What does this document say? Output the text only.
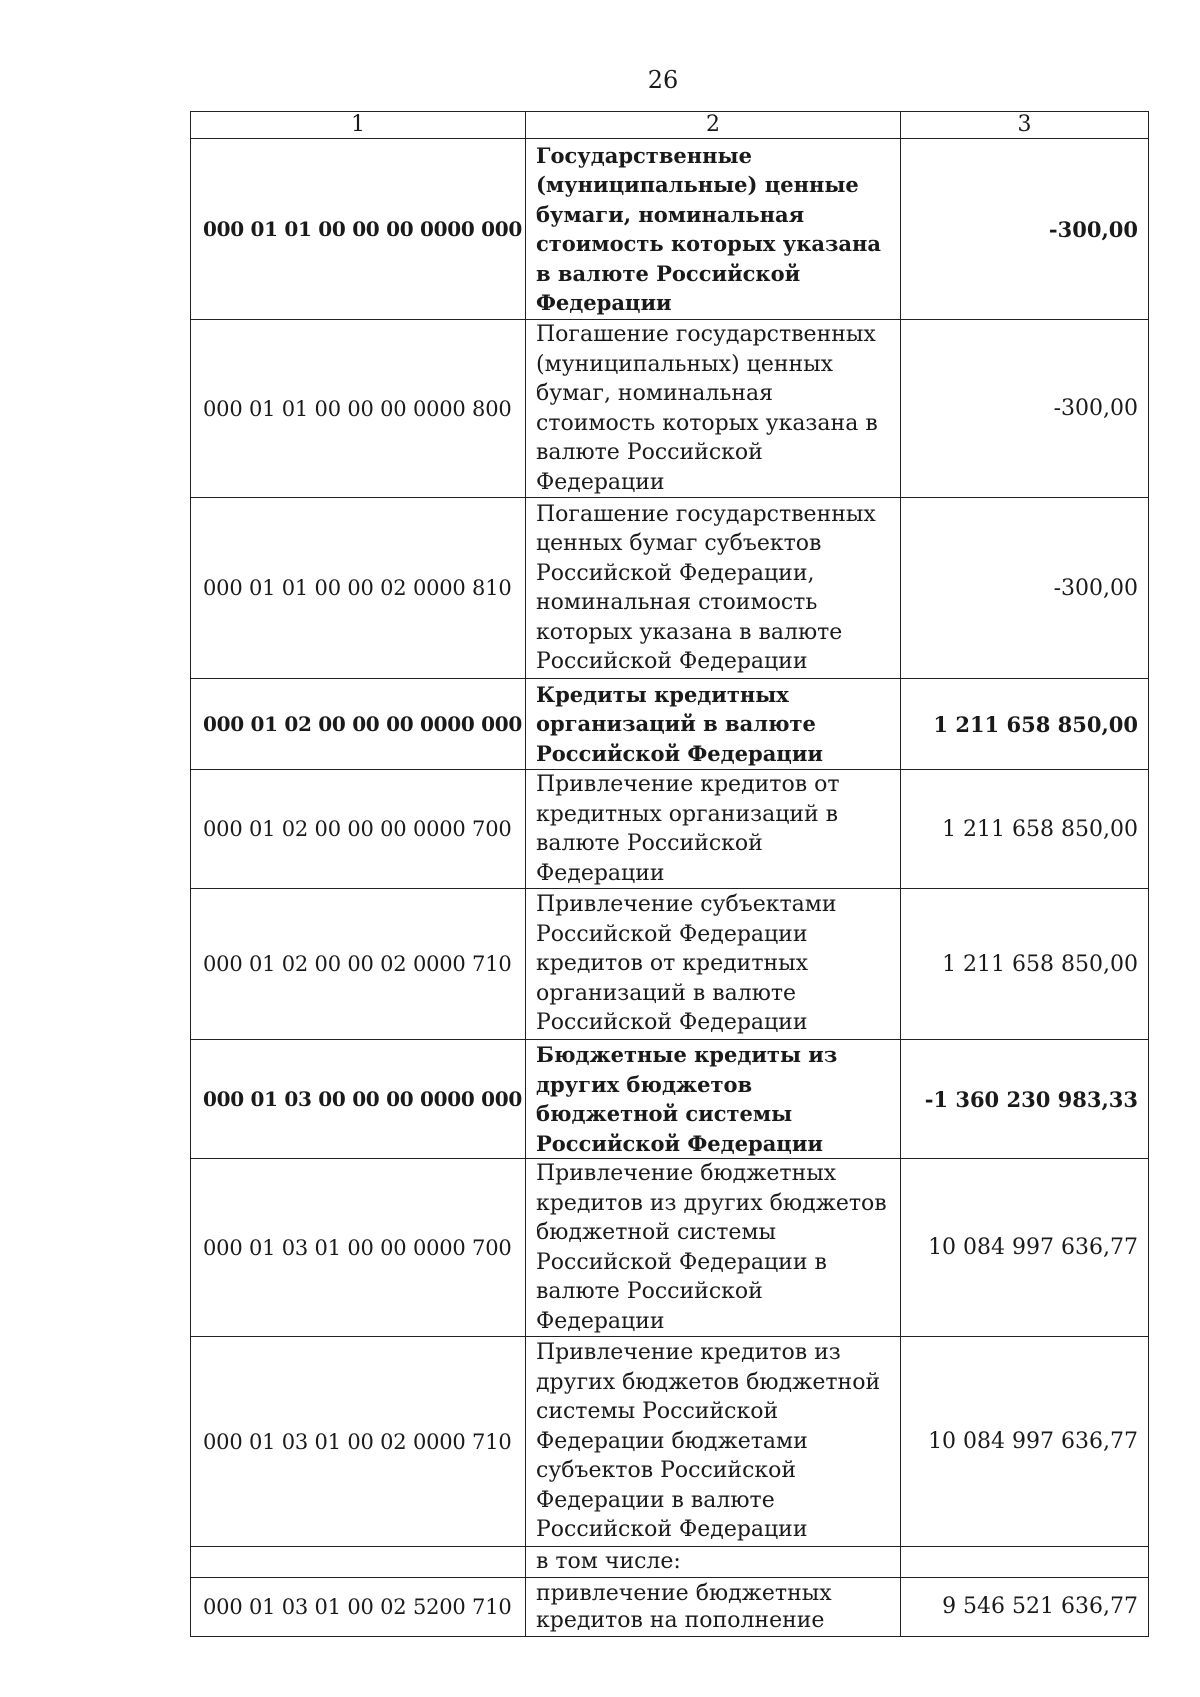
26
1	2	3
000 01 01 00 00 00 0000 000	Государственные (муниципальные) ценные бумаги, номинальная стоимость которых указана в валюте Российской Федерации	-300,00
000 01 01 00 00 00 0000 800	Погашение государственных (муниципальных) ценных бумаг, номинальная стоимость которых указана в валюте Российской Федерации	-300,00
000 01 01 00 00 02 0000 810	Погашение государственных ценных бумаг субъектов Российской Федерации, номинальная стоимость которых указана в валюте Российской Федерации	-300,00
000 01 02 00 00 00 0000 000	Кредиты кредитных организаций в валюте Российской Федерации	1 211 658 850,00
000 01 02 00 00 00 0000 700	Привлечение кредитов от кредитных организаций в валюте Российской Федерации	1 211 658 850,00
000 01 02 00 00 02 0000 710	Привлечение субъектами Российской Федерации кредитов от кредитных организаций в валюте Российской Федерации	1 211 658 850,00
000 01 03 00 00 00 0000 000	Бюджетные кредиты из других бюджетов бюджетной системы Российской Федерации	-1 360 230 983,33
000 01 03 01 00 00 0000 700	Привлечение бюджетных кредитов из других бюджетов бюджетной системы Российской Федерации в валюте Российской Федерации	10 084 997 636,77
000 01 03 01 00 02 0000 710	Привлечение кредитов из других бюджетов бюджетной системы Российской Федерации бюджетами субъектов Российской Федерации в валюте Российской Федерации	10 084 997 636,77
	в том числе:	
000 01 03 01 00 02 5200 710	привлечение бюджетных кредитов на пополнение	9 546 521 636,77
